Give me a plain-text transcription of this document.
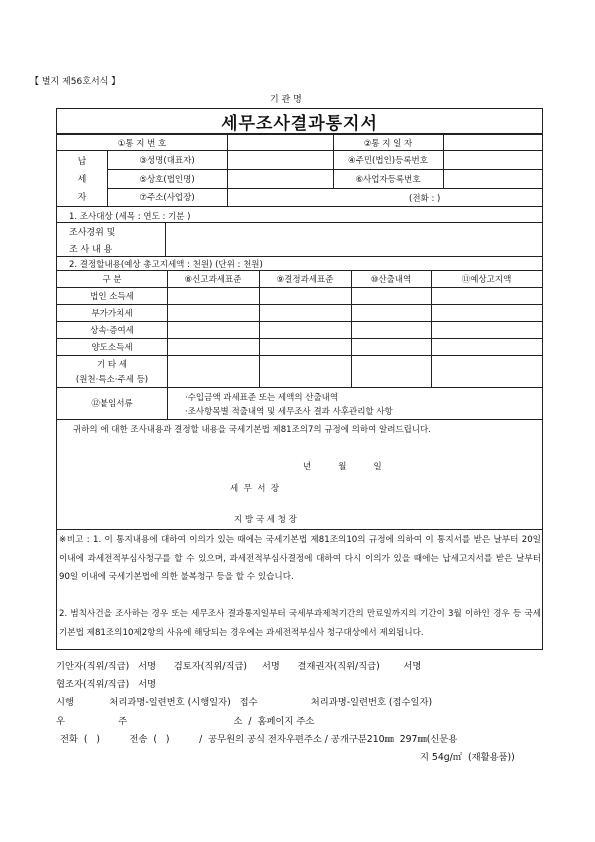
【 별지 제56호서식 】
기 관 명
세무조사결과통지서
①통 지 번 호	②통 지 일 자
납
세
자
③성명(대표자)	④주민(법인)등록번호
⑤상호(법인명)	⑥사업자등록번호
⑦주소(사업장)	(전화 : )
1. 조사대상 (세목 : 연도 : 기분 )
조사경위 및
조 사 내 용
2. 결정할내용(예상 총고지세액 : 천원) (단위 : 천원)
구 분	⑧신고과세표준	⑨결정과세표준	⑩산출내역	⑪예상고지액
법인 소득세
부가가치세
상속·증여세
양도소득세
기 타 세
(원천·특소·주세 등)
⑫붙임서류
·수입금액 과세표준 또는 세액의 산출내역
·조사항목별 적출내역 및 세무조사 결과 사후관리할 사항
귀하의 에 대한 조사내용과 결정할 내용을 국세기본법 제81조의7의 규정에 의하여 알려드립니다.
년          월          일
세  무  서  장
지 방 국 세 청 장
※비고 : 1. 이 통지내용에 대하여 이의가 있는 때에는 국세기본법 제81조의10의 규정에 의하여 이 통지서를 받은 날부터 20일 이내에 과세전적부심사청구를 할 수 있으며, 과세전적부심사결정에 대하여 다시 이의가 있을 때에는 납세고지서를 받은 날부터 90일 이내에 국세기본법에 의한 불복청구 등을 할 수 있습니다.
2. 범칙사건을 조사하는 경우 또는 세무조사 결과통지일부터 국세부과제척기간의 만료일까지의 기간이 3월 이하인 경우 등 국세기본법 제81조의10제2항의 사유에 해당되는 경우에는 과세전적부심사 청구대상에서 제외됩니다.
기안자(직위/직급)   서명      검토자(직위/직급)     서명      결재권자(직위/직급)        서명
협조자(직위/직급)   서명
시행            처리과명-일련번호 (시행일자)   접수                  처리과명-일련번호 (접수일자)
우                  주                                    소  /  홈페이지 주소
전화  (   )          전송  (   )          /  공무원의 공식 전자우편주소 / 공개구분210㎜  297㎜(신문용
지 54g/㎡  (재활용품))
